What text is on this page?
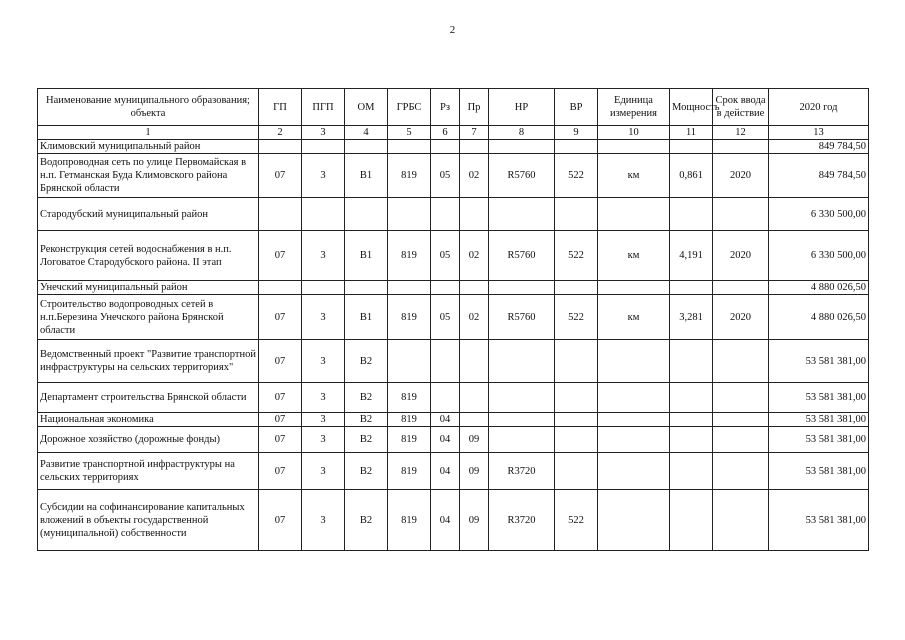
2
Наименование муниципального образования; объекта	ГП	ПГП	ОМ	ГРБС	Рз	Пр	НР	ВР	Единица измерения	Мощность	Срок ввода в действие	2020 год
1	2	3	4	5	6	7	8	9	10	11	12	13
Климовский муниципальный район												849 784,50
Водопроводная сеть по улице Первомайская в н.п. Гетманская Буда Климовского района Брянской области	07	3	B1	819	05	02	R5760	522	км	0,861	2020	849 784,50
Стародубский муниципальный район												6 330 500,00
Реконструкция сетей водоснабжения в н.п. Логоватое Стародубского района. II этап	07	3	B1	819	05	02	R5760	522	км	4,191	2020	6 330 500,00
Унечский муниципальный район												4 880 026,50
Строительство водопроводных сетей в н.п.Березина Унечского района Брянской области	07	3	B1	819	05	02	R5760	522	км	3,281	2020	4 880 026,50
Ведомственный проект "Развитие транспортной инфраструктуры на сельских территориях"	07	3	B2									53 581 381,00
Департамент строительства Брянской области	07	3	B2	819								53 581 381,00
Национальная экономика	07	3	B2	819	04							53 581 381,00
Дорожное хозяйство (дорожные фонды)	07	3	B2	819	04	09						53 581 381,00
Развитие транспортной инфраструктуры на сельских территориях	07	3	B2	819	04	09	R3720					53 581 381,00
Субсидии на софинансирование капитальных вложений в объекты государственной (муниципальной) собственности	07	3	B2	819	04	09	R3720	522				53 581 381,00
